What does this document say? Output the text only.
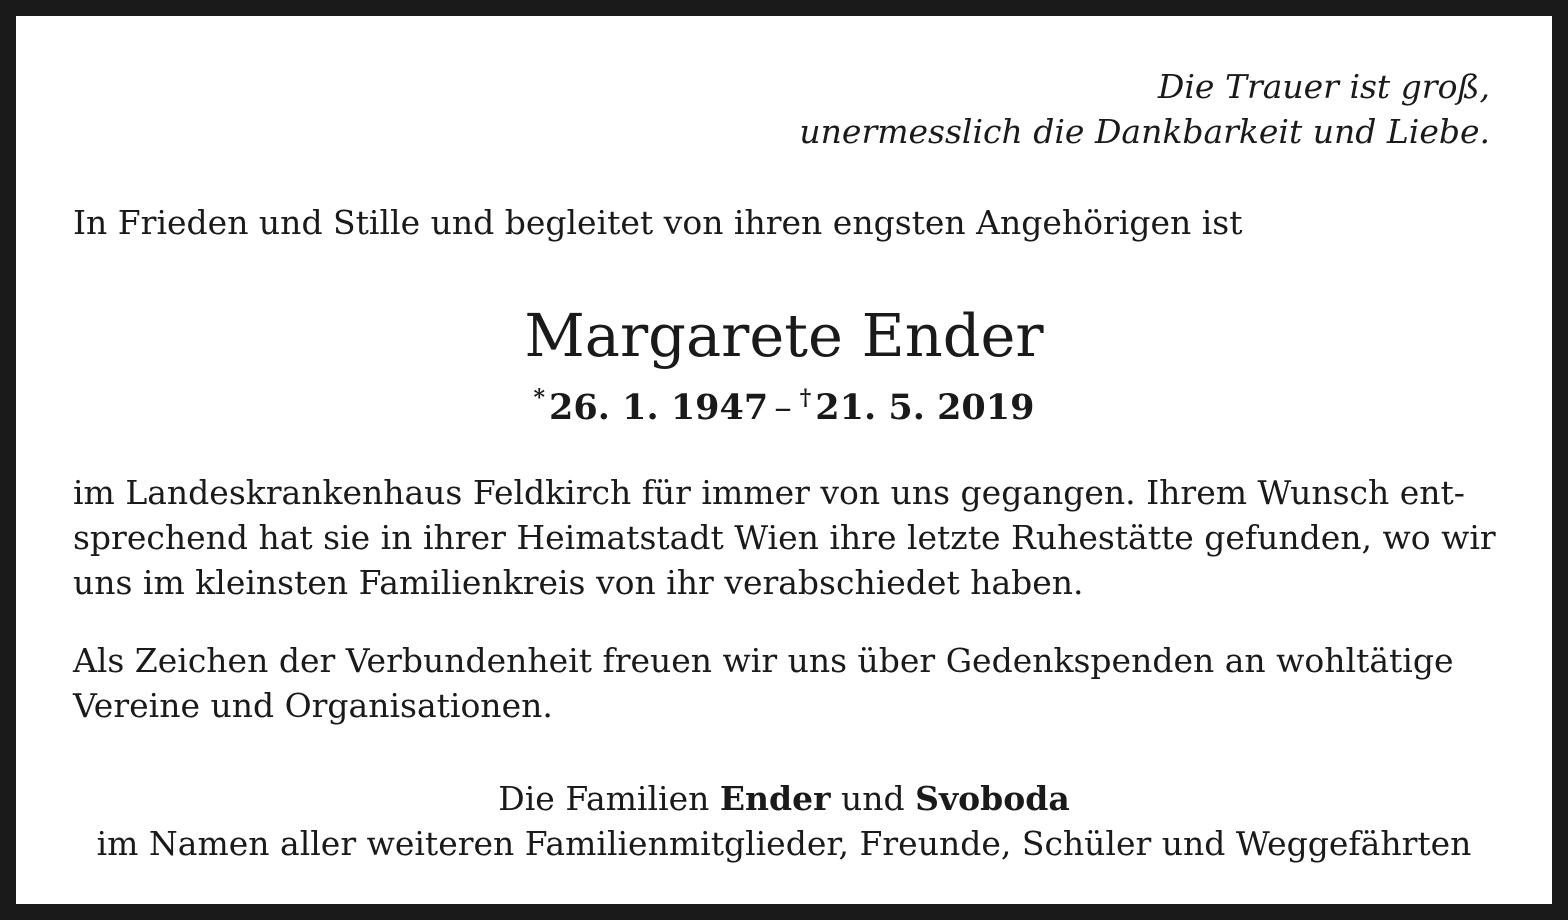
Die Trauer ist groß,
unermesslich die Dankbarkeit und Liebe.
In Frieden und Stille und begleitet von ihren engsten Angehörigen ist
Margarete Ender
* 26. 1. 1947 – † 21. 5. 2019
im Landeskrankenhaus Feldkirch für immer von uns gegangen. Ihrem Wunsch ent-
sprechend hat sie in ihrer Heimatstadt Wien ihre letzte Ruhestätte gefunden, wo wir
uns im kleinsten Familienkreis von ihr verabschiedet haben.
Als Zeichen der Verbundenheit freuen wir uns über Gedenkspenden an wohltätige
Vereine und Organisationen.
Die Familien Ender und Svoboda
im Namen aller weiteren Familienmitglieder, Freunde, Schüler und Weggefährten
